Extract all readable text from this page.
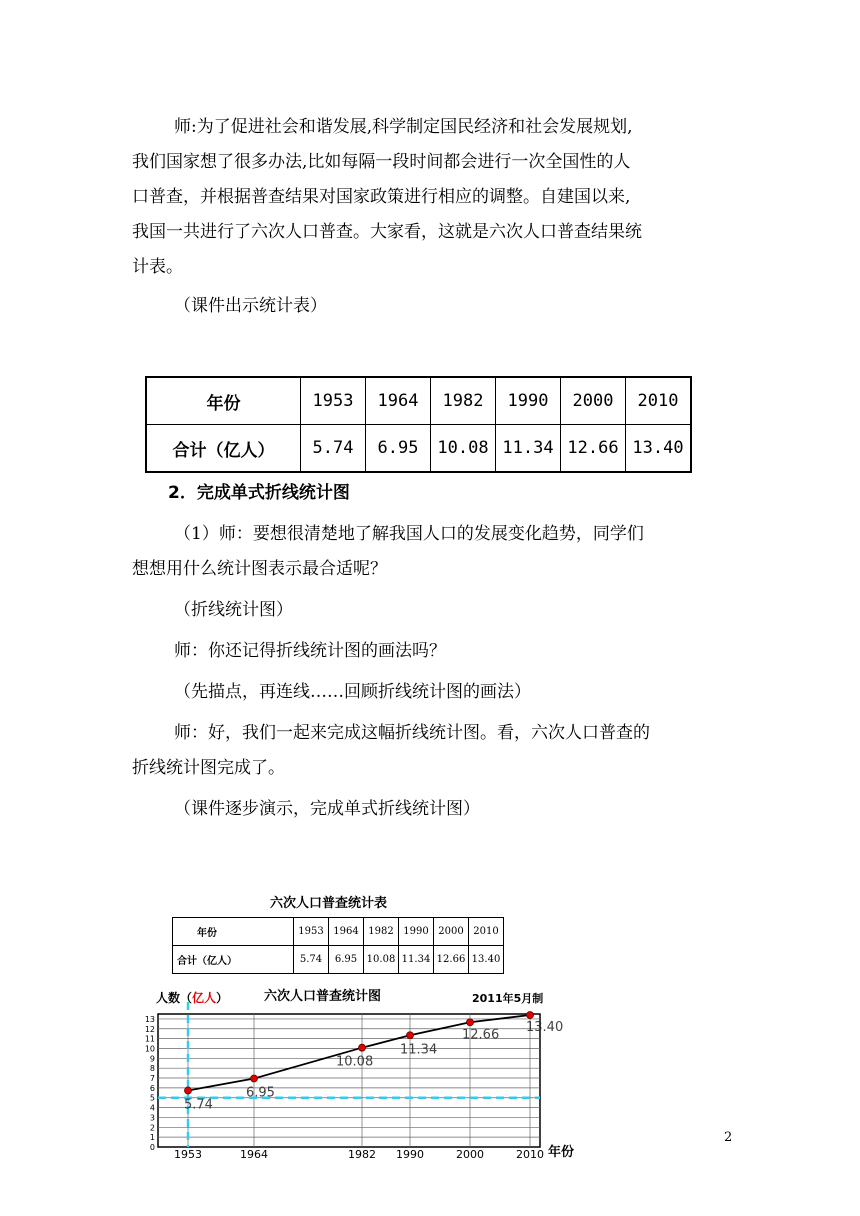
师:为了促进社会和谐发展,科学制定国民经济和社会发展规划,

我们国家想了很多办法,比如每隔一段时间都会进行一次全国性的人

口普查，并根据普查结果对国家政策进行相应的调整。自建国以来,

我国一共进行了六次人口普查。大家看，这就是六次人口普查结果统

计表。

（课件出示统计表）

年份	1953	1964	1982	1990	2000	2010
合计（亿人）	5.74	6.95	10.08	11.34	12.66	13.40

2．完成单式折线统计图

（1）师：要想很清楚地了解我国人口的发展变化趋势，同学们

想想用什么统计图表示最合适呢？

（折线统计图）

师：你还记得折线统计图的画法吗？

（先描点，再连线……回顾折线统计图的画法）

师：好，我们一起来完成这幅折线统计图。看，六次人口普查的

折线统计图完成了。

（课件逐步演示，完成单式折线统计图）

六次人口普查统计表
年份	1953	1964	1982	1990	2000	2010
合计（亿人）	5.74	6.95	10.08	11.34	12.66	13.40
人数（亿人）	六次人口普查统计图	2011年5月制
0
1
2
3
4
5
6
7
8
9
10
11
12
13
1953	1964	1982 1990	2000	2010
5.74
6.95
10.08
11.34
12.66 13.40
年份
2
